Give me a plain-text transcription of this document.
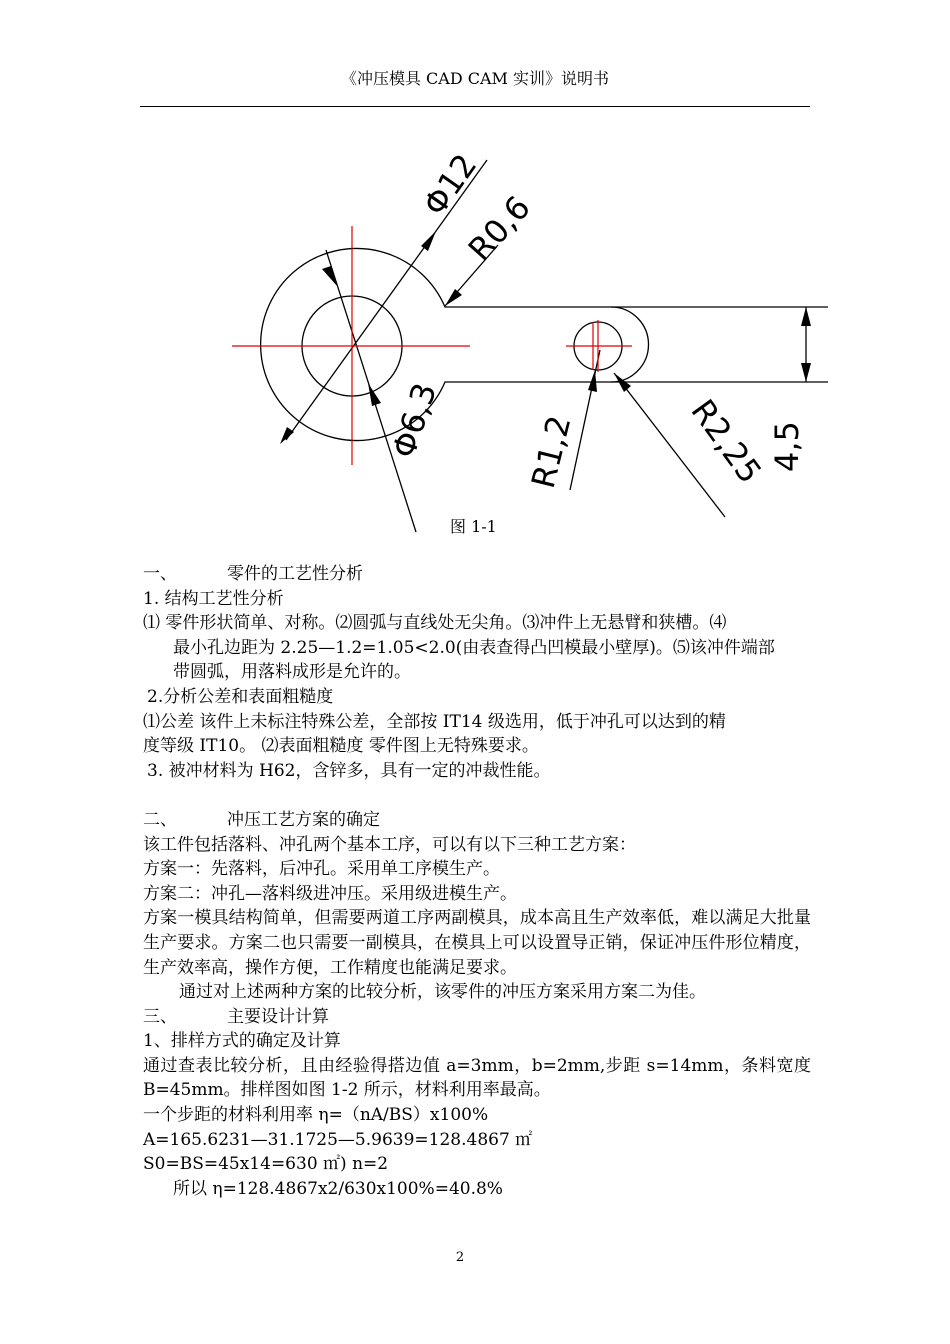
《冲压模具 CAD CAM 实训》说明书
Φ12
R0,6
Φ6,3 R1,2	R2,25
4,5
图 1-1

一、	零件的工艺性分析

1. 结构工艺性分析

⑴ 零件形状简单、对称。⑵圆弧与直线处无尖角。⑶冲件上无悬臂和狭槽。⑷

最小孔边距为 2.25—1.2=1.05<2.0(由表查得凸凹模最小壁厚)。⑸该冲件端部

带圆弧，用落料成形是允许的。

2.分析公差和表面粗糙度

⑴公差 该件上未标注特殊公差，全部按 IT14 级选用，低于冲孔可以达到的精

度等级 IT10。 ⑵表面粗糙度 零件图上无特殊要求。

3. 被冲材料为 H62，含锌多，具有一定的冲裁性能。

二、	冲压工艺方案的确定

该工件包括落料、冲孔两个基本工序，可以有以下三种工艺方案：

方案一：先落料，后冲孔。采用单工序模生产。

方案二：冲孔—落料级进冲压。采用级进模生产。

方案一模具结构简单，但需要两道工序两副模具，成本高且生产效率低，难以满足大批量生产要求。方案二也只需要一副模具，在模具上可以设置导正销，保证冲压件形位精度，生产效率高，操作方便，工作精度也能满足要求。

通过对上述两种方案的比较分析，该零件的冲压方案采用方案二为佳。

三、	主要设计计算

1、排样方式的确定及计算

通过查表比较分析，且由经验得搭边值 a=3mm，b=2mm,步距 s=14mm，条料宽度 B=45mm。排样图如图 1-2 所示，材料利用率最高。

一个步距的材料利用率 η=（nA/BS）x100%

A=165.6231—31.1725—5.9639=128.4867 ㎡

S0=BS=45x14=630 ㎡) n=2

所以 η=128.4867x2/630x100%=40.8%

2
